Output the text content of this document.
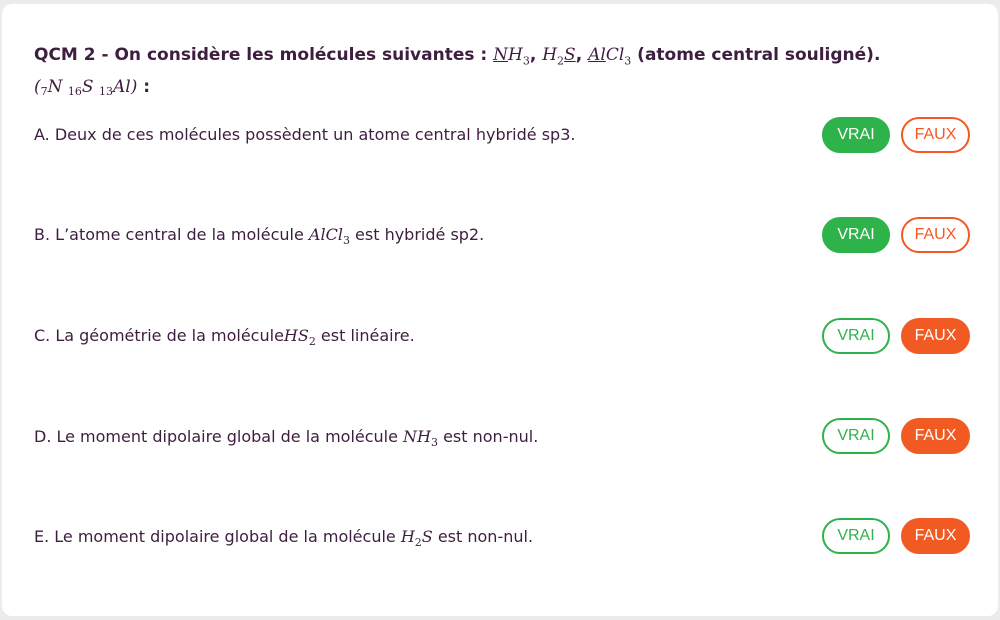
QCM 2 - On considère les molécules suivantes : $NH_3$, $H_2S$, AlCl$_3$ (atome central souligné).
(7N 16S 13Al) :

A. Deux de ces molécules possèdent un atome central hybridé sp3.	VRAI	FAUX
B. L’atome central de la molécule AlCl$_3$ est hybridé sp2.	VRAI	FAUX
C. La géométrie de la moléculeHS$_2$ est linéaire.	VRAI	FAUX
D. Le moment dipolaire global de la molécule $NH_3$ est non-nul.	VRAI	FAUX
E. Le moment dipolaire global de la molécule $H_2S$ est non-nul.	VRAI	FAUX
